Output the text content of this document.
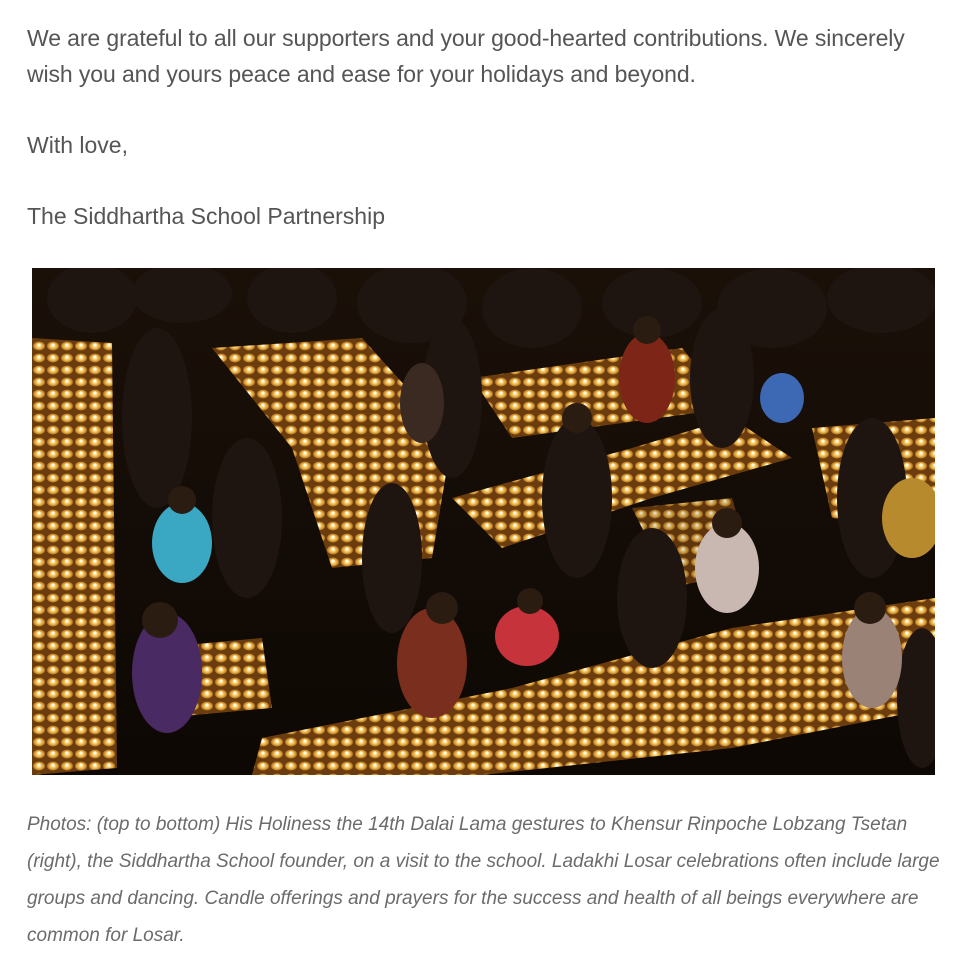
We are grateful to all our supporters and your good-hearted contributions. We sincerely wish you and yours peace and ease for your holidays and beyond.

With love,

The Siddhartha School Partnership

Photos: (top to bottom) His Holiness the 14th Dalai Lama gestures to Khensur Rinpoche Lobzang Tsetan (right), the Siddhartha School founder, on a visit to the school. Ladakhi Losar celebrations often include large groups and dancing. Candle offerings and prayers for the success and health of all beings everywhere are common for Losar.
